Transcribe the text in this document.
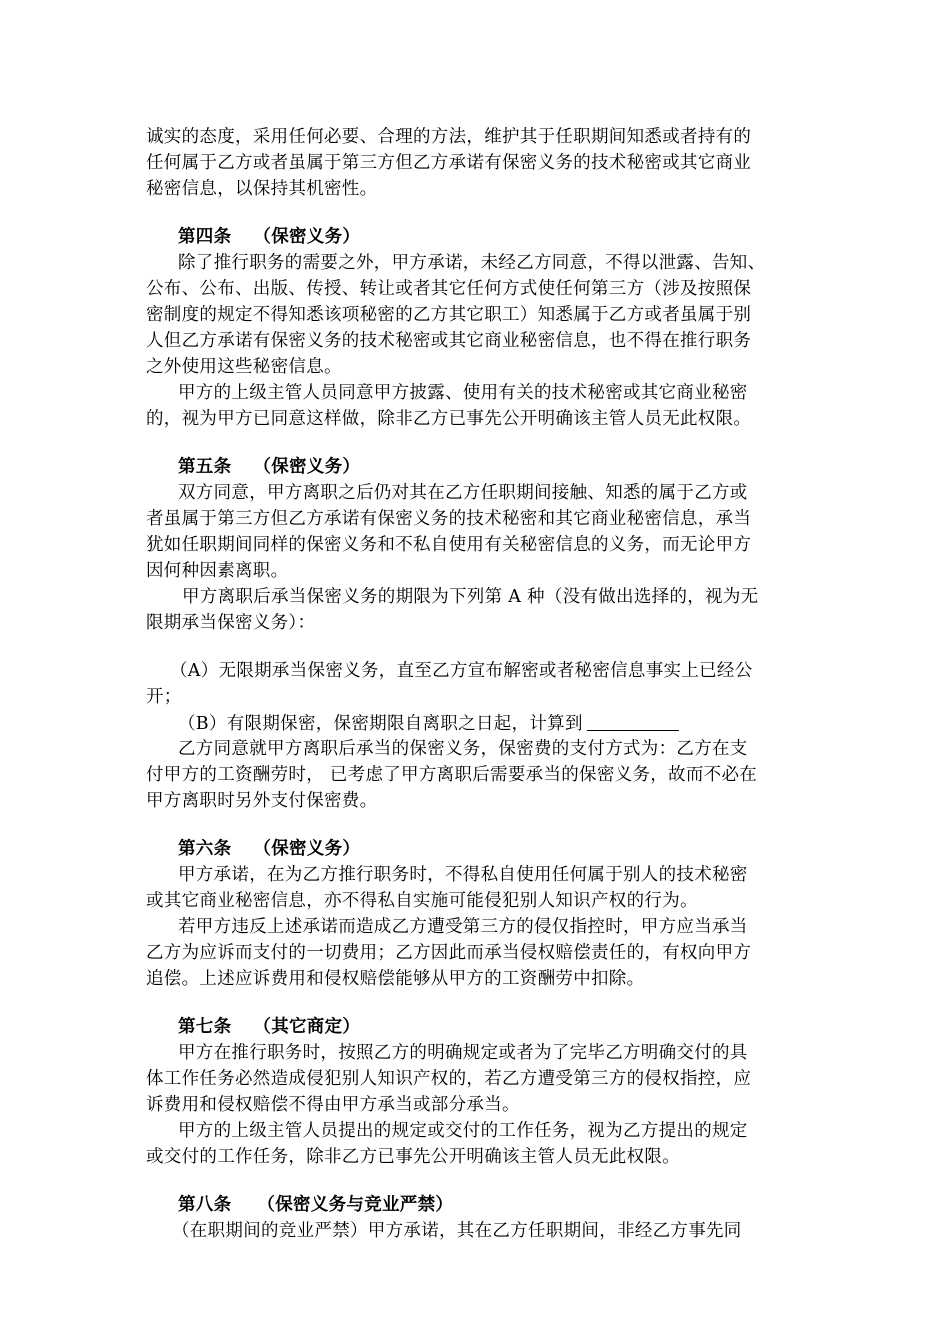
诚实的态度，采用任何必要、合理的方法，维护其于任职期间知悉或者持有的
任何属于乙方或者虽属于第三方但乙方承诺有保密义务的技术秘密或其它商业
秘密信息，以保持其机密性。
第四条 （保密义务）
除了推行职务的需要之外，甲方承诺，未经乙方同意，不得以泄露、告知、
公布、公布、出版、传授、转让或者其它任何方式使任何第三方（涉及按照保
密制度的规定不得知悉该项秘密的乙方其它职工）知悉属于乙方或者虽属于别
人但乙方承诺有保密义务的技术秘密或其它商业秘密信息，也不得在推行职务
之外使用这些秘密信息。
甲方的上级主管人员同意甲方披露、使用有关的技术秘密或其它商业秘密
的，视为甲方已同意这样做，除非乙方已事先公开明确该主管人员无此权限。
第五条 （保密义务）
双方同意，甲方离职之后仍对其在乙方任职期间接触、知悉的属于乙方或
者虽属于第三方但乙方承诺有保密义务的技术秘密和其它商业秘密信息，承当
犹如任职期间同样的保密义务和不私自使用有关秘密信息的义务，而无论甲方
因何种因素离职。
甲方离职后承当保密义务的期限为下列第 A 种（没有做出选择的，视为无
限期承当保密义务）：
（A）无限期承当保密义务，直至乙方宣布解密或者秘密信息事实上已经公
开；
（B）有限期保密，保密期限自离职之日起，计算到
乙方同意就甲方离职后承当的保密义务，保密费的支付方式为：乙方在支
付甲方的工资酬劳时， 已考虑了甲方离职后需要承当的保密义务，故而不必在
甲方离职时另外支付保密费。
第六条 （保密义务）
甲方承诺，在为乙方推行职务时，不得私自使用任何属于别人的技术秘密
或其它商业秘密信息，亦不得私自实施可能侵犯别人知识产权的行为。
若甲方违反上述承诺而造成乙方遭受第三方的侵仅指控时，甲方应当承当
乙方为应诉而支付的一切费用；乙方因此而承当侵权赔偿责任的，有权向甲方
追偿。上述应诉费用和侵权赔偿能够从甲方的工资酬劳中扣除。
第七条 （其它商定）
甲方在推行职务时，按照乙方的明确规定或者为了完毕乙方明确交付的具
体工作任务必然造成侵犯别人知识产权的，若乙方遭受第三方的侵权指控，应
诉费用和侵权赔偿不得由甲方承当或部分承当。
甲方的上级主管人员提出的规定或交付的工作任务，视为乙方提出的规定
或交付的工作任务，除非乙方已事先公开明确该主管人员无此权限。
第八条 （保密义务与竞业严禁）
（在职期间的竞业严禁）甲方承诺，其在乙方任职期间，非经乙方事先同
